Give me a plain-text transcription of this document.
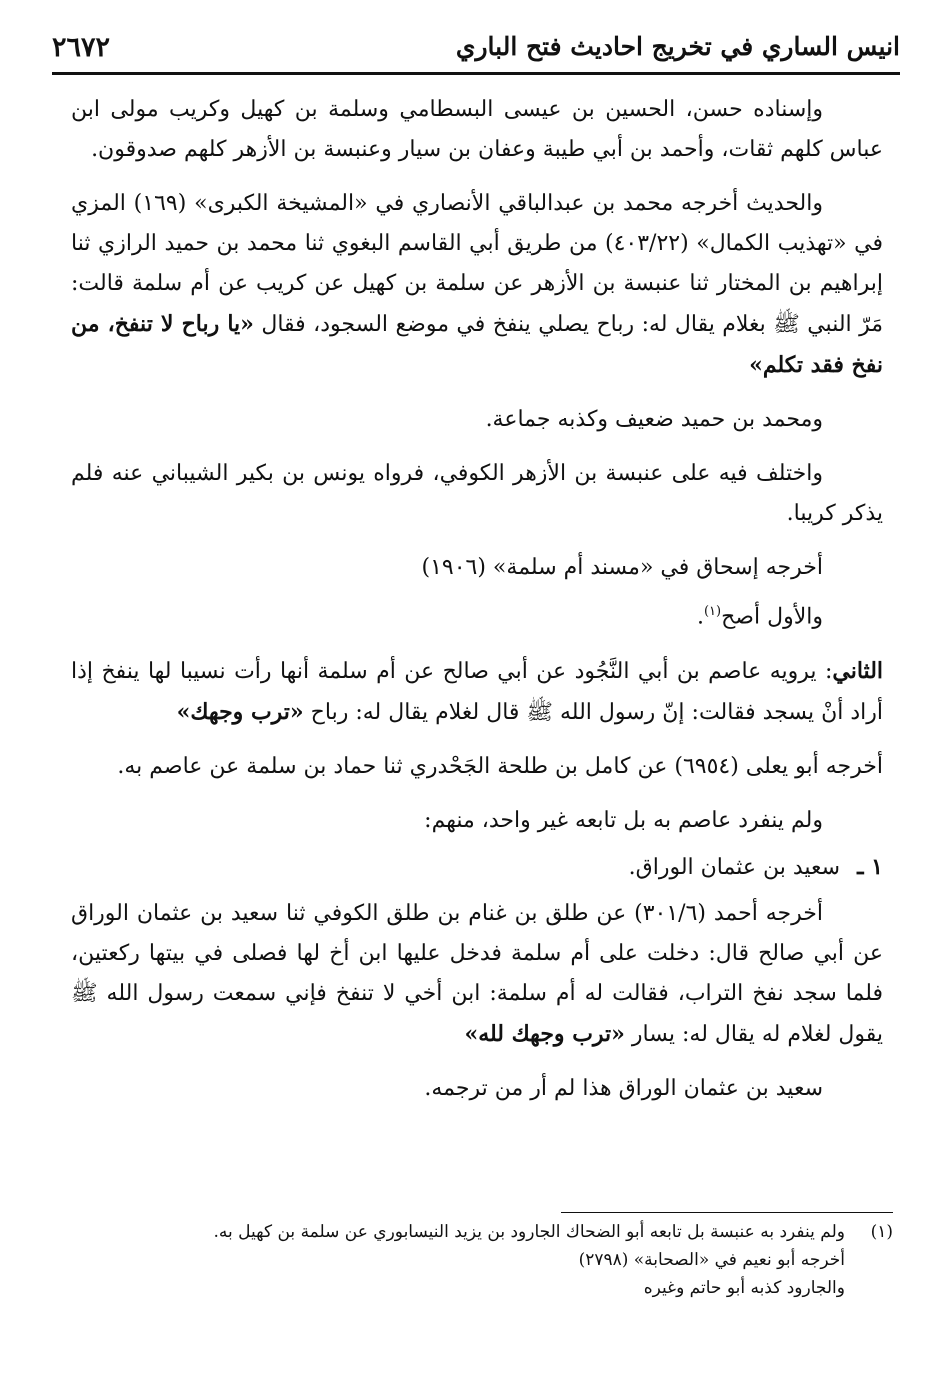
انيس الساري في تخريج احاديث فتح الباري
٢٦٧٢

وإسناده حسن، الحسين بن عيسى البسطامي وسلمة بن كهيل وكريب مولى ابن عباس كلهم ثقات، وأحمد بن أبي طيبة وعفان بن سيار وعنبسة بن الأزهر كلهم صدوقون.

والحديث أخرجه محمد بن عبدالباقي الأنصاري في «المشيخة الكبرى» (١٦٩) المزي في «تهذيب الكمال» (٤٠٣/٢٢) من طريق أبي القاسم البغوي ثنا محمد بن حميد الرازي ثنا إبراهيم بن المختار ثنا عنبسة بن الأزهر عن سلمة بن كهيل عن كريب عن أم سلمة قالت: مَرّ النبي ﷺ بغلام يقال له: رباح يصلي ينفخ في موضع السجود، فقال «يا رباح لا تنفخ، من نفخ فقد تكلم»

ومحمد بن حميد ضعيف وكذبه جماعة.

واختلف فيه على عنبسة بن الأزهر الكوفي، فرواه يونس بن بكير الشيباني عنه فلم يذكر كريبا.

أخرجه إسحاق في «مسند أم سلمة» (١٩٠٦)

والأول أصح$^{(١)}$.

الثاني: يرويه عاصم بن أبي النَّجُود عن أبي صالح عن أم سلمة أنها رأت نسيبا لها ينفخ إذا أراد أنْ يسجد فقالت: إنّ رسول الله ﷺ قال لغلام يقال له: رباح «ترب وجهك»

أخرجه أبو يعلى (٦٩٥٤) عن كامل بن طلحة الجَحْدري ثنا حماد بن سلمة عن عاصم به.

ولم ينفرد عاصم به بل تابعه غير واحد، منهم:

١ ـ سعيد بن عثمان الوراق.

أخرجه أحمد (٣٠١/٦) عن طلق بن غنام بن طلق الكوفي ثنا سعيد بن عثمان الوراق عن أبي صالح قال: دخلت على أم سلمة فدخل عليها ابن أخ لها فصلى في بيتها ركعتين، فلما سجد نفخ التراب، فقالت له أم سلمة: ابن أخي لا تنفخ فإني سمعت رسول الله ﷺ يقول لغلام له يقال له: يسار «ترب وجهك لله»

سعيد بن عثمان الوراق هذا لم أر من ترجمه.

(١)ولم ينفرد به عنبسة بل تابعه أبو الضحاك الجارود بن يزيد النيسابوري عن سلمة بن كهيل به.
أخرجه أبو نعيم في «الصحابة» (٢٧٩٨)
والجارود كذبه أبو حاتم وغيره
